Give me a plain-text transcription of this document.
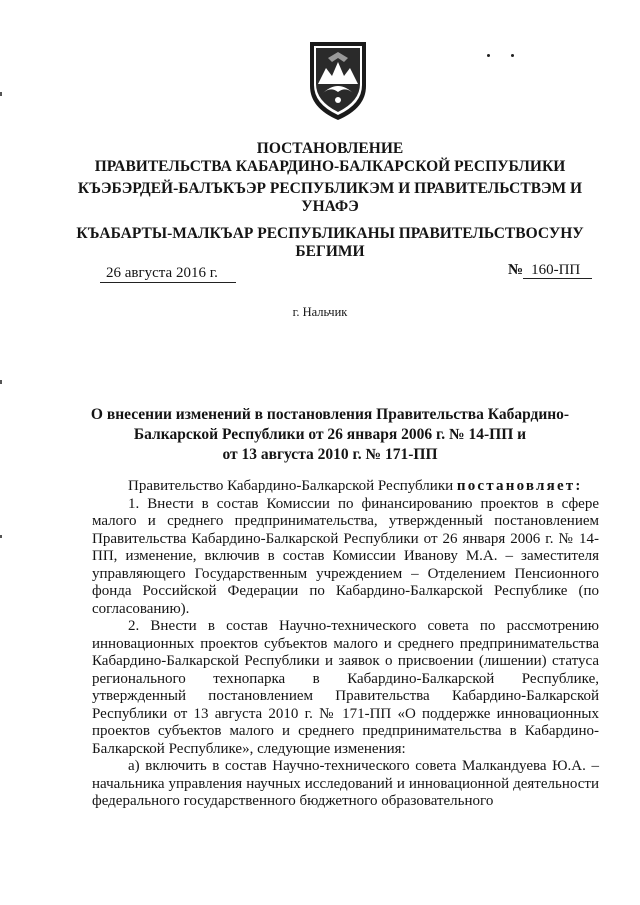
ПОСТАНОВЛЕНИЕ
ПРАВИТЕЛЬСТВА КАБАРДИНО-БАЛКАРСКОЙ РЕСПУБЛИКИ
КЪЭБЭРДЕЙ-БАЛЪКЪЭР РЕСПУБЛИКЭМ И ПРАВИТЕЛЬСТВЭМ И
УНАФЭ
КЪАБАРТЫ-МАЛКЪАР РЕСПУБЛИКАНЫ ПРАВИТЕЛЬСТВОСУНУ
БЕГИМИ
26 августа 2016 г.	№ 160-ПП
г. Нальчик
О внесении изменений в постановления Правительства Кабардино-
Балкарской Республики от 26 января 2006 г. № 14-ПП и
от 13 августа 2010 г. № 171-ПП

Правительство Кабардино-Балкарской Республики постановляет:

1. Внести в состав Комиссии по финансированию проектов в сфере малого и среднего предпринимательства, утвержденный постановлением Правительства Кабардино-Балкарской Республики от 26 января 2006 г. № 14-ПП, изменение, включив в состав Комиссии Иванову М.А. – заместителя управляющего Государственным учреждением – Отделением Пенсионного фонда Российской Федерации по Кабардино-Балкарской Республике (по согласованию).

2. Внести в состав Научно-технического совета по рассмотрению инновационных проектов субъектов малого и среднего предпринимательства Кабардино-Балкарской Республики и заявок о присвоении (лишении) статуса регионального технопарка в Кабардино-Балкарской Республике, утвержденный постановлением Правительства Кабардино-Балкарской Республики от 13 августа 2010 г. № 171-ПП «О поддержке инновационных проектов субъектов малого и среднего предпринимательства в Кабардино-Балкарской Республике», следующие изменения:

а) включить в состав Научно-технического совета Малкандуева Ю.А. – начальника управления научных исследований и инновационной деятельности федерального государственного бюджетного образовательного
